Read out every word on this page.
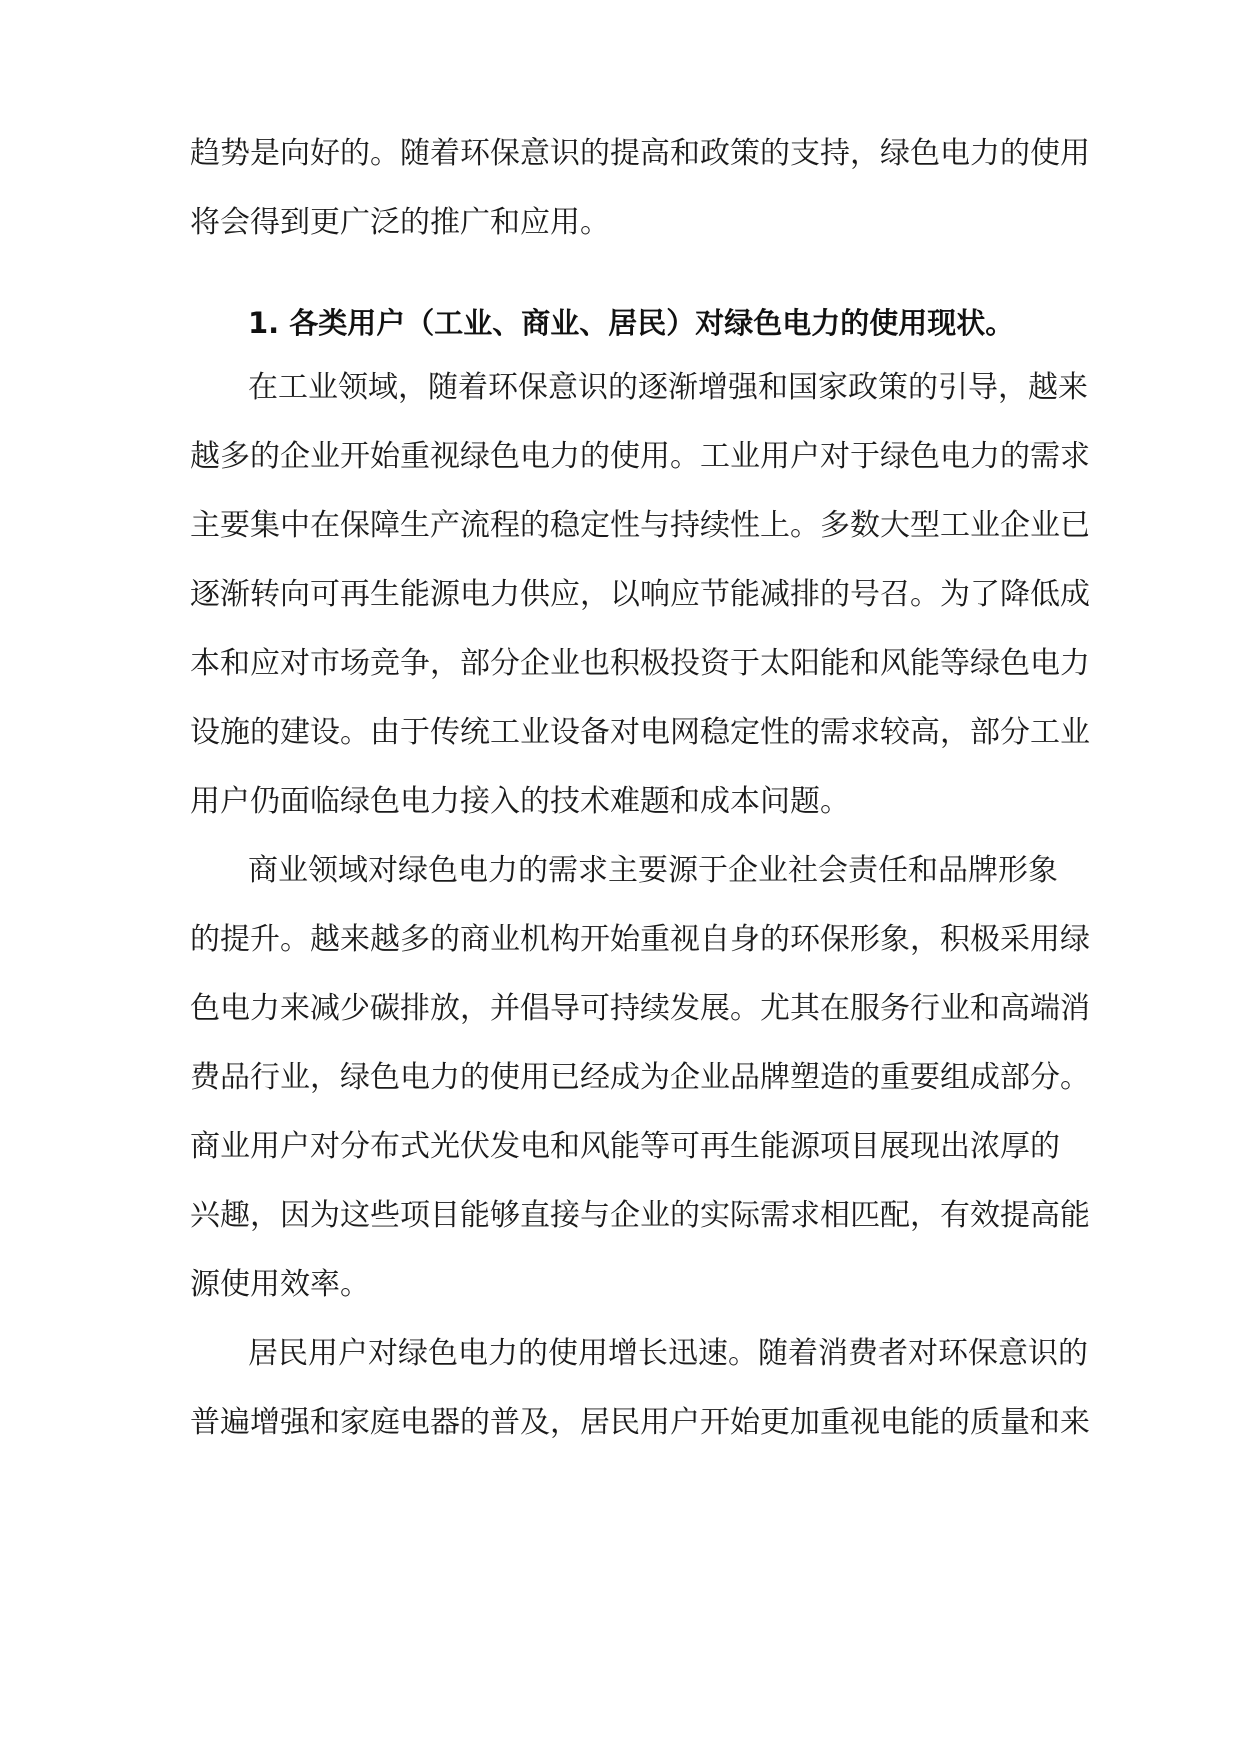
趋势是向好的。随着环保意识的提高和政策的支持，绿色电力的使用
将会得到更广泛的推广和应用。
1. 各类用户（工业、商业、居民）对绿色电力的使用现状。
在工业领域，随着环保意识的逐渐增强和国家政策的引导，越来
越多的企业开始重视绿色电力的使用。工业用户对于绿色电力的需求
主要集中在保障生产流程的稳定性与持续性上。多数大型工业企业已
逐渐转向可再生能源电力供应，以响应节能减排的号召。为了降低成
本和应对市场竞争，部分企业也积极投资于太阳能和风能等绿色电力
设施的建设。由于传统工业设备对电网稳定性的需求较高，部分工业
用户仍面临绿色电力接入的技术难题和成本问题。
商业领域对绿色电力的需求主要源于企业社会责任和品牌形象
的提升。越来越多的商业机构开始重视自身的环保形象，积极采用绿
色电力来减少碳排放，并倡导可持续发展。尤其在服务行业和高端消
费品行业，绿色电力的使用已经成为企业品牌塑造的重要组成部分。
商业用户对分布式光伏发电和风能等可再生能源项目展现出浓厚的
兴趣，因为这些项目能够直接与企业的实际需求相匹配，有效提高能
源使用效率。
居民用户对绿色电力的使用增长迅速。随着消费者对环保意识的
普遍增强和家庭电器的普及，居民用户开始更加重视电能的质量和来
